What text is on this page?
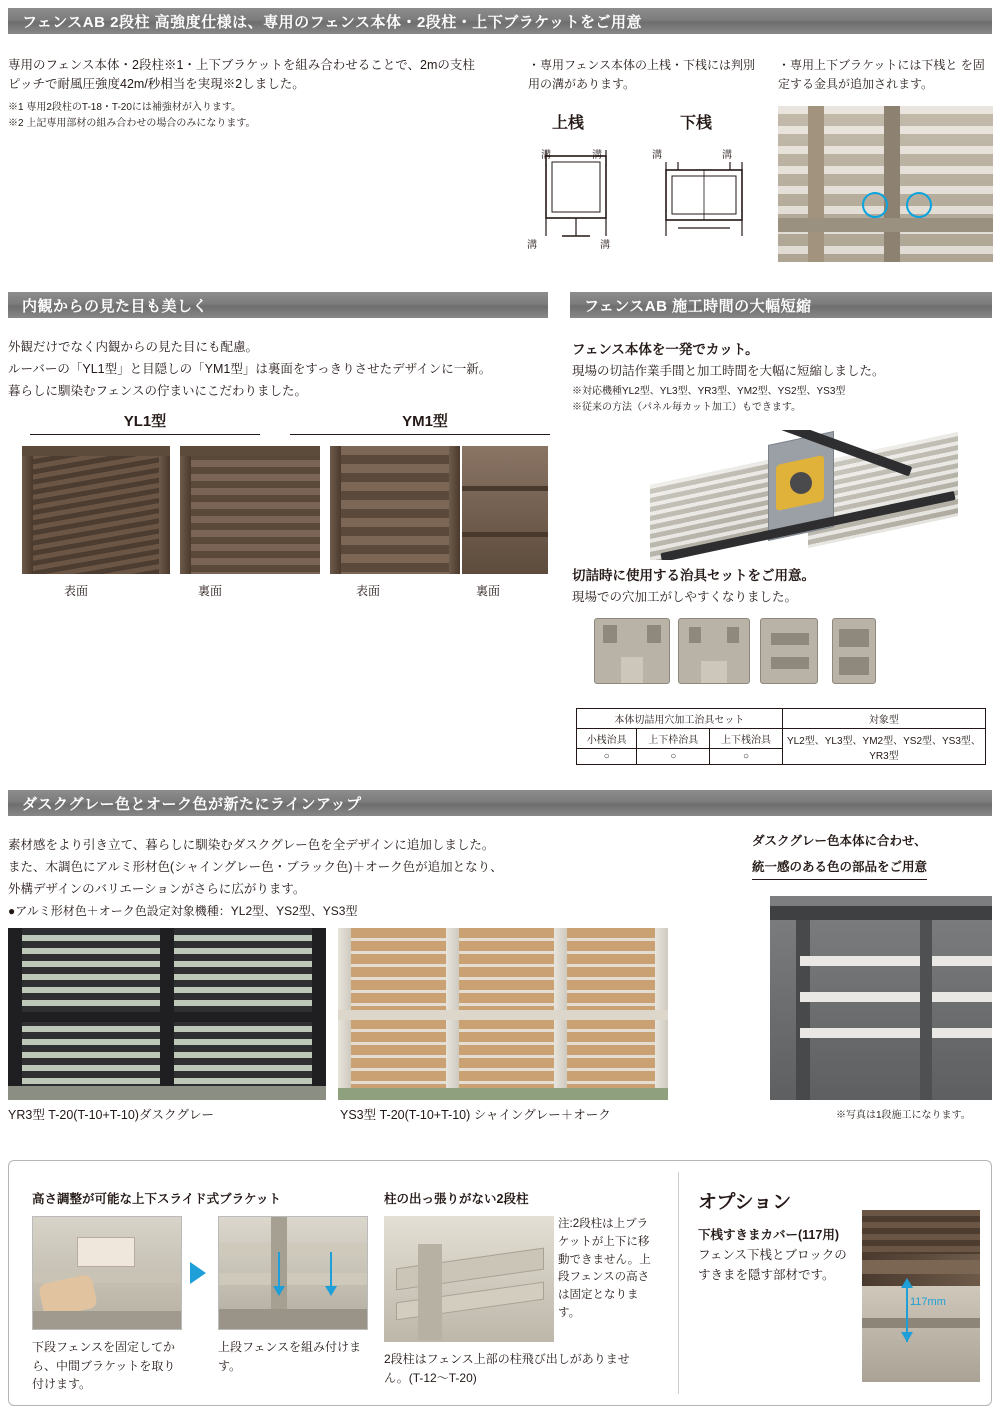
フェンスAB 2段柱 高強度仕様は、専用のフェンス本体・2段柱・上下ブラケットをご用意
専用のフェンス本体・2段柱※1・上下ブラケットを組み合わせることで、2mの支柱ピッチで耐風圧強度42m/秒相当を実現※2しました。
※1 専用2段柱のT-18・T-20には補強材が入ります。
※2 上記専用部材の組み合わせの場合のみになります。
・専用フェンス本体の上桟・下桟には判別用の溝があります。
・専用上下ブラケットには下桟と を固定する金具が追加されます。
上桟	下桟
溝	溝
溝	溝
溝	溝
内観からの見た目も美しく
外観だけでなく内観からの見た目にも配慮。
ルーバーの「YL1型」と目隠しの「YM1型」は裏面をすっきりさせたデザインに一新。
暮らしに馴染むフェンスの佇まいにこだわりました。
YL1型	YM1型
表面	裏面	表面	裏面
フェンスAB 施工時間の大幅短縮
フェンス本体を一発でカット。
現場の切詰作業手間と加工時間を大幅に短縮しました。
※対応機種YL2型、YL3型、YR3型、YM2型、YS2型、YS3型
※従来の方法（パネル毎カット加工）もできます。
切詰時に使用する治具セットをご用意。
現場での穴加工がしやすくなりました。
本体切詰用穴加工治具セット			対象型
小桟治具	上下枠治具	上下桟治具	YL2型、YL3型、YM2型、YS2型、YS3型、YR3型
○	○	○	
ダスクグレー色とオーク色が新たにラインアップ
素材感をより引き立て、暮らしに馴染むダスクグレー色を全デザインに追加しました。
また、木調色にアルミ形材色(シャイングレー色・ブラック色)＋オーク色が追加となり、
外構デザインのバリエーションがさらに広がります。
●アルミ形材色＋オーク色設定対象機種：YL2型、YS2型、YS3型
ダスクグレー色本体に合わせ、
統一感のある色の部品をご用意
YR3型 T-20(T-10+T-10)ダスクグレー	YS3型 T-20(T-10+T-10) シャイングレー＋オーク	※写真は1段施工になります。
高さ調整が可能な上下スライド式ブラケット
下段フェンスを固定してから、中間ブラケットを取り付けます。
上段フェンスを組み付けます。
柱の出っ張りがない2段柱
注:2段柱は上ブラケットが上下に移動できません。上段フェンスの高さは固定となります。
2段柱はフェンス上部の柱飛び出しがありません。(T-12～T-20)
オプション
下桟すきまカバー(117用)
フェンス下桟とブロックの
すきまを隠す部材です。
117mm
